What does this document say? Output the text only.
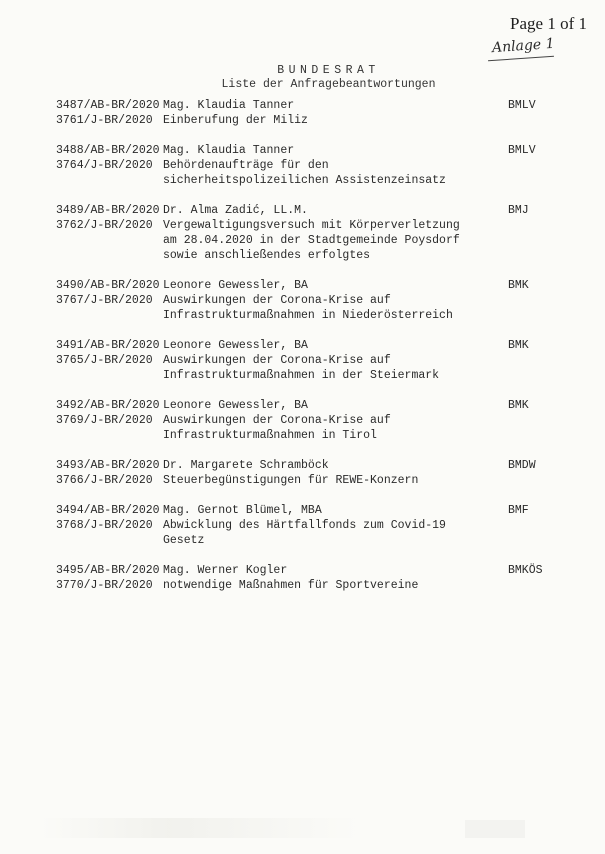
Page 1 of 1
Anlage 1
BUNDESRAT
Liste der Anfragebeantwortungen
3487/AB-BR/2020
3761/J-BR/2020
Mag. Klaudia Tanner
Einberufung der Miliz
BMLV
3488/AB-BR/2020
3764/J-BR/2020
Mag. Klaudia Tanner
Behördenaufträge für den
sicherheitspolizeilichen Assistenzeinsatz
BMLV
3489/AB-BR/2020
3762/J-BR/2020
Dr. Alma Zadić, LL.M.
Vergewaltigungsversuch mit Körperverletzung
am 28.04.2020 in der Stadtgemeinde Poysdorf
sowie anschließendes erfolgtes
BMJ
3490/AB-BR/2020
3767/J-BR/2020
Leonore Gewessler, BA
Auswirkungen der Corona-Krise auf
Infrastrukturmaßnahmen in Niederösterreich
BMK
3491/AB-BR/2020
3765/J-BR/2020
Leonore Gewessler, BA
Auswirkungen der Corona-Krise auf
Infrastrukturmaßnahmen in der Steiermark
BMK
3492/AB-BR/2020
3769/J-BR/2020
Leonore Gewessler, BA
Auswirkungen der Corona-Krise auf
Infrastrukturmaßnahmen in Tirol
BMK
3493/AB-BR/2020
3766/J-BR/2020
Dr. Margarete Schramböck
Steuerbegünstigungen für REWE-Konzern
BMDW
3494/AB-BR/2020
3768/J-BR/2020
Mag. Gernot Blümel, MBA
Abwicklung des Härtfallfonds zum Covid-19
Gesetz
BMF
3495/AB-BR/2020
3770/J-BR/2020
Mag. Werner Kogler
notwendige Maßnahmen für Sportvereine
BMKÖS
